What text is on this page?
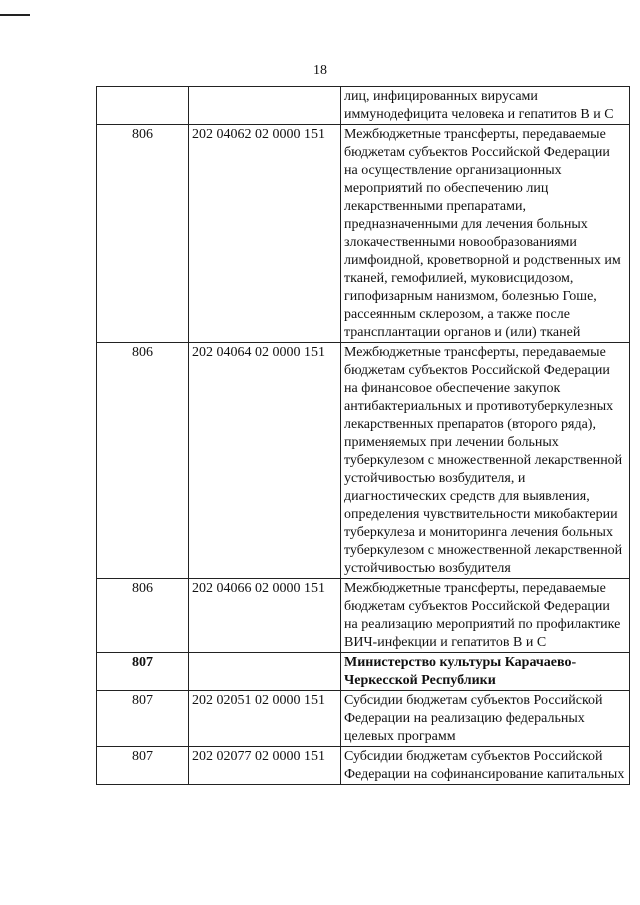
18
		лиц, инфицированных вирусами иммунодефицита человека и гепатитов В и С
806	202 04062 02 0000 151	Межбюджетные трансферты, передаваемые бюджетам субъектов Российской Федерации на осуществление организационных мероприятий по обеспечению лиц лекарственными препаратами, предназначенными для лечения больных злокачественными новообразованиями лимфоидной, кроветворной и родственных им тканей, гемофилией, муковисцидозом, гипофизарным нанизмом, болезнью Гоше, рассеянным склерозом, а также после трансплантации органов и (или) тканей
806	202 04064 02 0000 151	Межбюджетные трансферты, передаваемые бюджетам субъектов Российской Федерации на финансовое обеспечение закупок антибактериальных и противотуберкулезных лекарственных препаратов (второго ряда), применяемых при лечении больных туберкулезом с множественной лекарственной устойчивостью возбудителя, и диагностических средств для выявления, определения чувствительности микобактерии туберкулеза и мониторинга лечения больных туберкулезом с множественной лекарственной устойчивостью возбудителя
806	202 04066 02 0000 151	Межбюджетные трансферты, передаваемые бюджетам субъектов Российской Федерации на реализацию мероприятий по профилактике ВИЧ-инфекции и гепатитов В и С
807		Министерство культуры Карачаево-Черкесской Республики
807	202 02051 02 0000 151	Субсидии бюджетам субъектов Российской Федерации на реализацию федеральных целевых программ
807	202 02077 02 0000 151	Субсидии бюджетам субъектов Российской Федерации на софинансирование капитальных
